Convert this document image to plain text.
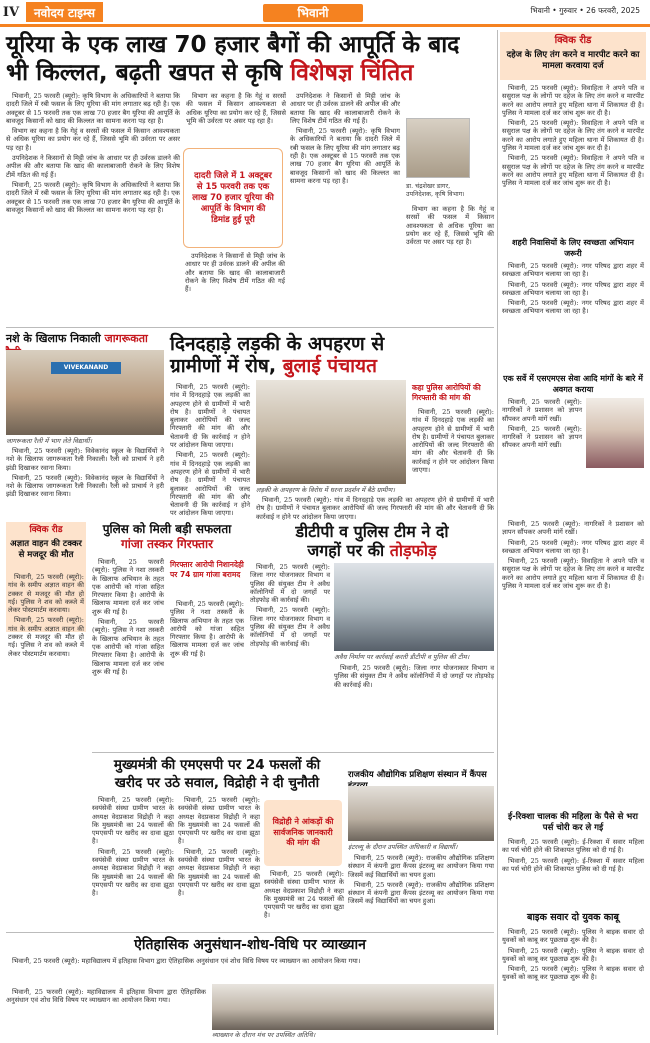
IV	नवोदय टाइम्स	भिवानी	भिवानी • गुरुवार • 26 फरवरी, 2025
यूरिया के एक लाख 70 हजार बैगों की आपूर्ति के बाद
भी किल्लत, बढ़ती खपत से कृषि विशेषज्ञ चिंतित

भिवानी, 25 फरवरी (ब्यूरो): कृषि विभाग के अधिकारियों ने बताया कि दादरी जिले में रबी फसल के लिए यूरिया की मांग लगातार बढ़ रही है। एक अक्टूबर से 15 फरवरी तक एक लाख 70 हजार बैग यूरिया की आपूर्ति के बावजूद किसानों को खाद की किल्लत का सामना करना पड़ रहा है।

विभाग का कहना है कि गेहूं व सरसों की फसल में किसान आवश्यकता से अधिक यूरिया का प्रयोग कर रहे हैं, जिससे भूमि की उर्वरता पर असर पड़ रहा है।

उपनिदेशक ने किसानों से मिट्टी जांच के आधार पर ही उर्वरक डालने की अपील की और बताया कि खाद की कालाबाजारी रोकने के लिए विशेष टीमें गठित की गई हैं।

भिवानी, 25 फरवरी (ब्यूरो): कृषि विभाग के अधिकारियों ने बताया कि दादरी जिले में रबी फसल के लिए यूरिया की मांग लगातार बढ़ रही है। एक अक्टूबर से 15 फरवरी तक एक लाख 70 हजार बैग यूरिया की आपूर्ति के बावजूद किसानों को खाद की किल्लत का सामना करना पड़ रहा है।

विभाग का कहना है कि गेहूं व सरसों की फसल में किसान आवश्यकता से अधिक यूरिया का प्रयोग कर रहे हैं, जिससे भूमि की उर्वरता पर असर पड़ रहा है।

दादरी जिले में 1 अक्टूबर से 15 फरवरी तक एक लाख 70 हजार यूरिया की आपूर्ति के विभाग की डिमांड हुई पूरी

उपनिदेशक ने किसानों से मिट्टी जांच के आधार पर ही उर्वरक डालने की अपील की और बताया कि खाद की कालाबाजारी रोकने के लिए विशेष टीमें गठित की गई हैं।

भिवानी, 25 फरवरी (ब्यूरो): कृषि विभाग के अधिकारियों ने बताया कि दादरी जिले में रबी फसल के लिए यूरिया की मांग लगातार बढ़ रही है। एक अक्टूबर से 15 फरवरी तक एक लाख 70 हजार बैग यूरिया की आपूर्ति के बावजूद किसानों को खाद की किल्लत का सामना करना पड़ रहा है।

डा. चंद्रशेखर डागर, उपनिदेशक, कृषि विभाग।

विभाग का कहना है कि गेहूं व सरसों की फसल में किसान आवश्यकता से अधिक यूरिया का प्रयोग कर रहे हैं, जिससे भूमि की उर्वरता पर असर पड़ रहा है।

उपनिदेशक ने किसानों से मिट्टी जांच के आधार पर ही उर्वरक डालने की अपील की और बताया कि खाद की कालाबाजारी रोकने के लिए विशेष टीमें गठित की गई हैं।

नशे के खिलाफ निकाली जागरूकता
VIVEKANAND
जागरूकता रैली में भाग लेते विद्यार्थी।

भिवानी, 25 फरवरी (ब्यूरो): विवेकानंद स्कूल के विद्यार्थियों ने नशे के खिलाफ जागरूकता रैली निकाली। रैली को प्राचार्य ने हरी झंडी दिखाकर रवाना किया।

भिवानी, 25 फरवरी (ब्यूरो): विवेकानंद स्कूल के विद्यार्थियों ने नशे के खिलाफ जागरूकता रैली निकाली। रैली को प्राचार्य ने हरी झंडी दिखाकर रवाना किया।

क्विक रीड
अज्ञात वाहन की टक्कर से मजदूर की मौत

भिवानी, 25 फरवरी (ब्यूरो): गांव के समीप अज्ञात वाहन की टक्कर से मजदूर की मौत हो गई। पुलिस ने शव को कब्जे में लेकर पोस्टमार्टम करवाया।

भिवानी, 25 फरवरी (ब्यूरो): गांव के समीप अज्ञात वाहन की टक्कर से मजदूर की मौत हो गई। पुलिस ने शव को कब्जे में लेकर पोस्टमार्टम करवाया।

दिनदहाड़े लड़की के अपहरण से
ग्रामीणों में रोष, बुलाई पंचायत

भिवानी, 25 फरवरी (ब्यूरो): गांव में दिनदहाड़े एक लड़की का अपहरण होने से ग्रामीणों में भारी रोष है। ग्रामीणों ने पंचायत बुलाकर आरोपियों की जल्द गिरफ्तारी की मांग की और चेतावनी दी कि कार्रवाई न होने पर आंदोलन किया जाएगा।

भिवानी, 25 फरवरी (ब्यूरो): गांव में दिनदहाड़े एक लड़की का अपहरण होने से ग्रामीणों में भारी रोष है। ग्रामीणों ने पंचायत बुलाकर आरोपियों की जल्द गिरफ्तारी की मांग की और चेतावनी दी कि कार्रवाई न होने पर आंदोलन किया जाएगा।

लड़की के अपहरण के विरोध में धरना प्रदर्शन में बैठे ग्रामीण।
कहा पुलिस आरोपियों की गिरफ्तारी की मांग की

भिवानी, 25 फरवरी (ब्यूरो): गांव में दिनदहाड़े एक लड़की का अपहरण होने से ग्रामीणों में भारी रोष है। ग्रामीणों ने पंचायत बुलाकर आरोपियों की जल्द गिरफ्तारी की मांग की और चेतावनी दी कि कार्रवाई न होने पर आंदोलन किया जाएगा।

भिवानी, 25 फरवरी (ब्यूरो): गांव में दिनदहाड़े एक लड़की का अपहरण होने से ग्रामीणों में भारी रोष है। ग्रामीणों ने पंचायत बुलाकर आरोपियों की जल्द गिरफ्तारी की मांग की और चेतावनी दी कि कार्रवाई न होने पर आंदोलन किया जाएगा।

पुलिस को मिली बड़ी सफलता
गांजा तस्कर गिरफ्तार

भिवानी, 25 फरवरी (ब्यूरो): पुलिस ने नशा तस्करी के खिलाफ अभियान के तहत एक आरोपी को गांजा सहित गिरफ्तार किया है। आरोपी के खिलाफ मामला दर्ज कर जांच शुरू की गई है।

भिवानी, 25 फरवरी (ब्यूरो): पुलिस ने नशा तस्करी के खिलाफ अभियान के तहत एक आरोपी को गांजा सहित गिरफ्तार किया है। आरोपी के खिलाफ मामला दर्ज कर जांच शुरू की गई है।

गिरफ्तार आरोपी निशानदेही पर 74 ग्राम गांजा बरामद

भिवानी, 25 फरवरी (ब्यूरो): पुलिस ने नशा तस्करी के खिलाफ अभियान के तहत एक आरोपी को गांजा सहित गिरफ्तार किया है। आरोपी के खिलाफ मामला दर्ज कर जांच शुरू की गई है।

डीटीपी व पुलिस टीम ने दो
जगहों पर की तोड़फोड़

भिवानी, 25 फरवरी (ब्यूरो): जिला नगर योजनाकार विभाग व पुलिस की संयुक्त टीम ने अवैध कॉलोनियों में दो जगहों पर तोड़फोड़ की कार्रवाई की।

भिवानी, 25 फरवरी (ब्यूरो): जिला नगर योजनाकार विभाग व पुलिस की संयुक्त टीम ने अवैध कॉलोनियों में दो जगहों पर तोड़फोड़ की कार्रवाई की।

अवैध निर्माण पर कार्रवाई करती डीटीपी व पुलिस की टीम।

भिवानी, 25 फरवरी (ब्यूरो): जिला नगर योजनाकार विभाग व पुलिस की संयुक्त टीम ने अवैध कॉलोनियों में दो जगहों पर तोड़फोड़ की कार्रवाई की।

मुख्यमंत्री की एमएसपी पर 24 फसलों की
खरीद पर उठे सवाल, विद्रोही ने दी चुनौती

भिवानी, 25 फरवरी (ब्यूरो): स्वयंसेवी संस्था ग्रामीण भारत के अध्यक्ष वेदप्रकाश विद्रोही ने कहा कि मुख्यमंत्री का 24 फसलों की एमएसपी पर खरीद का दावा झूठा है।

भिवानी, 25 फरवरी (ब्यूरो): स्वयंसेवी संस्था ग्रामीण भारत के अध्यक्ष वेदप्रकाश विद्रोही ने कहा कि मुख्यमंत्री का 24 फसलों की एमएसपी पर खरीद का दावा झूठा है।

भिवानी, 25 फरवरी (ब्यूरो): स्वयंसेवी संस्था ग्रामीण भारत के अध्यक्ष वेदप्रकाश विद्रोही ने कहा कि मुख्यमंत्री का 24 फसलों की एमएसपी पर खरीद का दावा झूठा है।

भिवानी, 25 फरवरी (ब्यूरो): स्वयंसेवी संस्था ग्रामीण भारत के अध्यक्ष वेदप्रकाश विद्रोही ने कहा कि मुख्यमंत्री का 24 फसलों की एमएसपी पर खरीद का दावा झूठा है।

विद्रोही ने आंकड़ों की सार्वजनिक जानकारी की मांग की

भिवानी, 25 फरवरी (ब्यूरो): स्वयंसेवी संस्था ग्रामीण भारत के अध्यक्ष वेदप्रकाश विद्रोही ने कहा कि मुख्यमंत्री का 24 फसलों की एमएसपी पर खरीद का दावा झूठा है।

राजकीय औद्योगिक प्रशिक्षण संस्थान में कैंपस
इंटरव्यू के दौरान उपस्थित अधिकारी व विद्यार्थी।

भिवानी, 25 फरवरी (ब्यूरो): राजकीय औद्योगिक प्रशिक्षण संस्थान में कंपनी द्वारा कैंपस इंटरव्यू का आयोजन किया गया जिसमें कई विद्यार्थियों का चयन हुआ।

भिवानी, 25 फरवरी (ब्यूरो): राजकीय औद्योगिक प्रशिक्षण संस्थान में कंपनी द्वारा कैंपस इंटरव्यू का आयोजन किया गया जिसमें कई विद्यार्थियों का चयन हुआ।

ऐतिहासिक अनुसंधान-शोध-विधि पर व्याख्यान

भिवानी, 25 फरवरी (ब्यूरो): महाविद्यालय में इतिहास विभाग द्वारा ऐतिहासिक अनुसंधान एवं शोध विधि विषय पर व्याख्यान का आयोजन किया गया।

भिवानी, 25 फरवरी (ब्यूरो): महाविद्यालय में इतिहास विभाग द्वारा ऐतिहासिक अनुसंधान एवं शोध विधि विषय पर व्याख्यान का आयोजन किया गया।

व्याख्यान के दौरान मंच पर उपस्थित अतिथि।
क्विक रीड
दहेज के लिए तंग करने व मारपीट करने का मामला करवाया दर्ज

भिवानी, 25 फरवरी (ब्यूरो): विवाहिता ने अपने पति व ससुराल पक्ष के लोगों पर दहेज के लिए तंग करने व मारपीट करने का आरोप लगाते हुए महिला थाना में शिकायत दी है। पुलिस ने मामला दर्ज कर जांच शुरू कर दी है।

भिवानी, 25 फरवरी (ब्यूरो): विवाहिता ने अपने पति व ससुराल पक्ष के लोगों पर दहेज के लिए तंग करने व मारपीट करने का आरोप लगाते हुए महिला थाना में शिकायत दी है। पुलिस ने मामला दर्ज कर जांच शुरू कर दी है।

भिवानी, 25 फरवरी (ब्यूरो): विवाहिता ने अपने पति व ससुराल पक्ष के लोगों पर दहेज के लिए तंग करने व मारपीट करने का आरोप लगाते हुए महिला थाना में शिकायत दी है। पुलिस ने मामला दर्ज कर जांच शुरू कर दी है।

शहरी निवासियों के लिए स्वच्छता अभियान जरूरी

भिवानी, 25 फरवरी (ब्यूरो): नगर परिषद द्वारा शहर में स्वच्छता अभियान चलाया जा रहा है।

भिवानी, 25 फरवरी (ब्यूरो): नगर परिषद द्वारा शहर में स्वच्छता अभियान चलाया जा रहा है।

भिवानी, 25 फरवरी (ब्यूरो): नगर परिषद द्वारा शहर में स्वच्छता अभियान चलाया जा रहा है।

एक सर्वे में एसएमएस सेवा आदि मांगों के बारे में अवगत कराया

भिवानी, 25 फरवरी (ब्यूरो): नागरिकों ने प्रशासन को ज्ञापन सौंपकर अपनी मांगें रखीं।

भिवानी, 25 फरवरी (ब्यूरो): नागरिकों ने प्रशासन को ज्ञापन सौंपकर अपनी मांगें रखीं।

भिवानी, 25 फरवरी (ब्यूरो): नागरिकों ने प्रशासन को ज्ञापन सौंपकर अपनी मांगें रखीं।

भिवानी, 25 फरवरी (ब्यूरो): नगर परिषद द्वारा शहर में स्वच्छता अभियान चलाया जा रहा है।

भिवानी, 25 फरवरी (ब्यूरो): विवाहिता ने अपने पति व ससुराल पक्ष के लोगों पर दहेज के लिए तंग करने व मारपीट करने का आरोप लगाते हुए महिला थाना में शिकायत दी है। पुलिस ने मामला दर्ज कर जांच शुरू कर दी है।

ई-रिक्शा चालक की महिला के पैसे से भरा पर्स चोरी कर ले गई

भिवानी, 25 फरवरी (ब्यूरो): ई-रिक्शा में सवार महिला का पर्स चोरी होने की शिकायत पुलिस को दी गई है।

भिवानी, 25 फरवरी (ब्यूरो): ई-रिक्शा में सवार महिला का पर्स चोरी होने की शिकायत पुलिस को दी गई है।

बाइक सवार दो युवक काबू

भिवानी, 25 फरवरी (ब्यूरो): पुलिस ने बाइक सवार दो युवकों को काबू कर पूछताछ शुरू की है।

भिवानी, 25 फरवरी (ब्यूरो): पुलिस ने बाइक सवार दो युवकों को काबू कर पूछताछ शुरू की है।

भिवानी, 25 फरवरी (ब्यूरो): पुलिस ने बाइक सवार दो युवकों को काबू कर पूछताछ शुरू की है।
